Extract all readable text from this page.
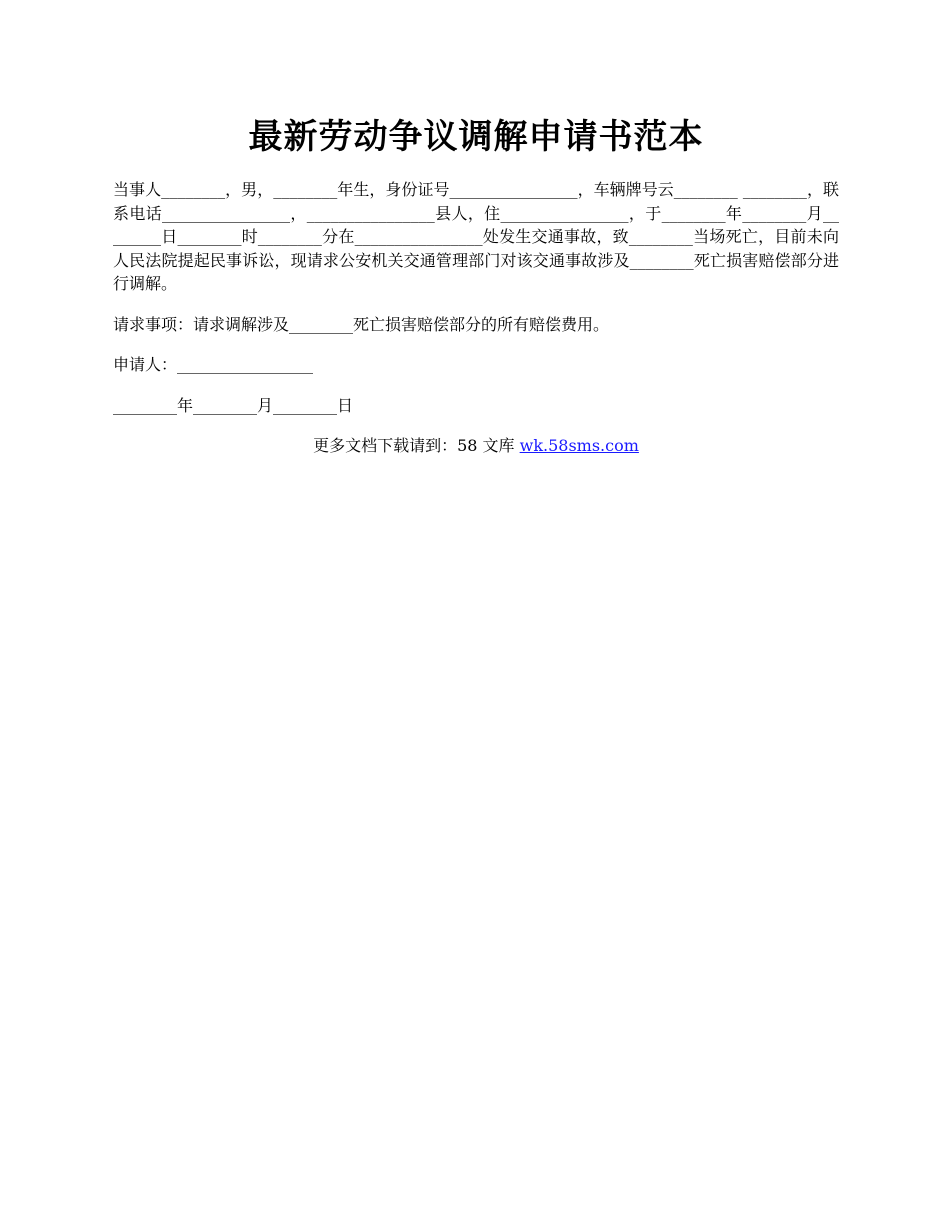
最新劳动争议调解申请书范本

当事人________，男，________年生，身份证号________________，车辆牌号云________ ________，联系电话________________，________________县人，住________________，于________年________月________日________时________分在________________处发生交通事故，致________当场死亡，目前未向人民法院提起民事诉讼，现请求公安机关交通管理部门对该交通事故涉及________死亡损害赔偿部分进行调解。

请求事项：请求调解涉及________死亡损害赔偿部分的所有赔偿费用。

申请人：_________________

________年________月________日

更多文档下载请到：58 文库 wk.58sms.com
